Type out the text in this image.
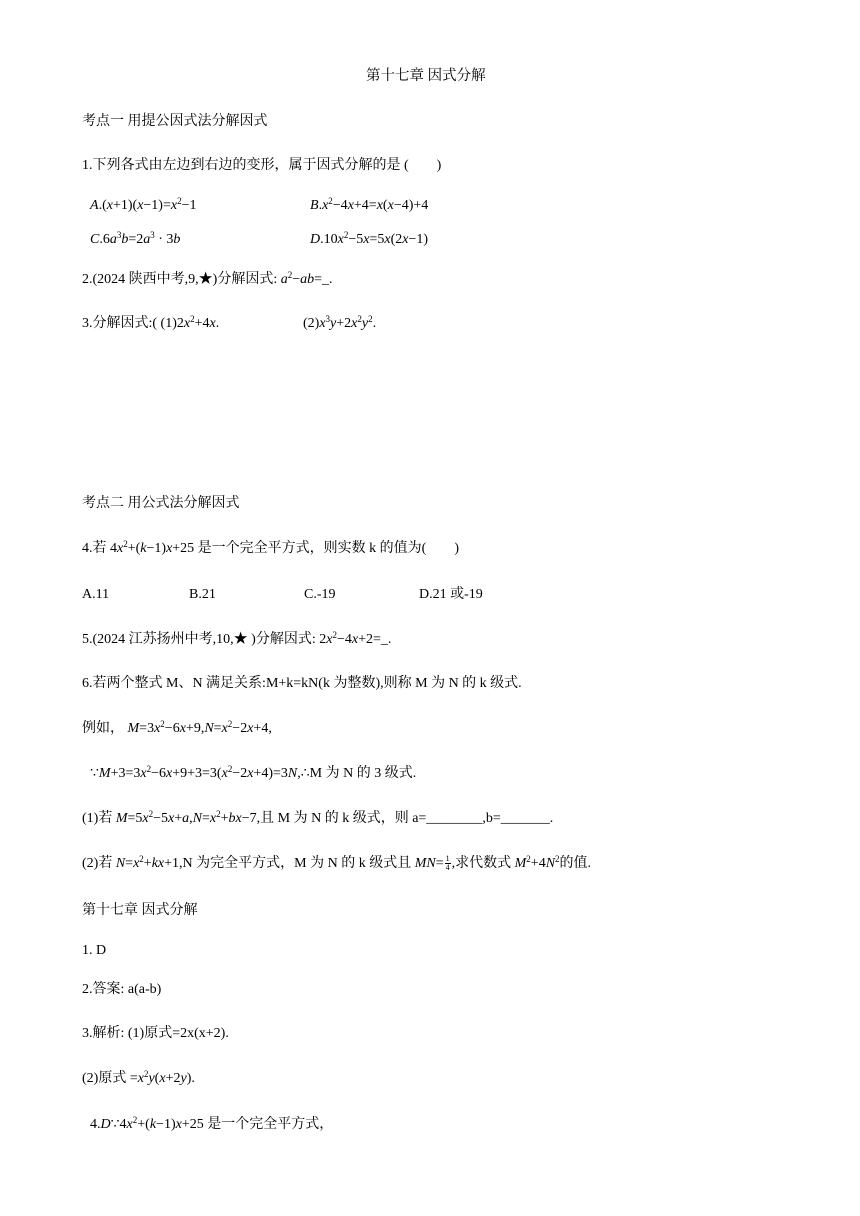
第十七章 因式分解
考点一 用提公因式法分解因式
1.下列各式由左边到右边的变形，属于因式分解的是 (　　)
$A.(x+1)(x-1)=x^2-1$	$B.x^2-4x+4=x(x-4)+4$
$C.6a^3b=2a^3 \cdot 3b$	$D.10x^2-5x=5x(2x-1)$
2.(2024 陕西中考,9,★)分解因式: $a^2-ab=\_$.
3.分解因式:( $(1)2x^2+4x$.	$(2)x^3y+2x^2y^2$.
考点二 用公式法分解因式
4.若 $4x^2+(k-1)x+25$ 是一个完全平方式，则实数 k 的值为(　　)
A.11	B.21	C.-19	D.21 或-19
5.(2024 江苏扬州中考,10,★ )分解因式: $2x^2-4x+2=\_$.
6.若两个整式 M、N 满足关系:M+k=kN(k 为整数),则称 M 为 N 的 k 级式.
例如， $M=3x^2-6x+9,N=x^2-2x+4$,
$\because M+3=3x^2-6x+9+3=3(x^2-2x+4)=3N,\therefore M$ 为 N 的 3 级式.
(1)若 $M=5x^2-5x+a,N=x^2+bx-7$,且 M 为 N 的 k 级式，则 a=________,b=_______.
(2)若 $N=x^2+kx+1,N$ 为完全平方式，M 为 N 的 k 级式且 $MN= \frac{1}{4}$ ,求代数式 $M^2+4N^2$的值.
第十七章 因式分解
1. D
2.答案: a(a-b)
3.解析: (1)原式=2x(x+2).
(2)原式 $=x^2y(x+2y)$.
$4.D\because 4x^2+(k-1)x+25$ 是一个完全平方式，
